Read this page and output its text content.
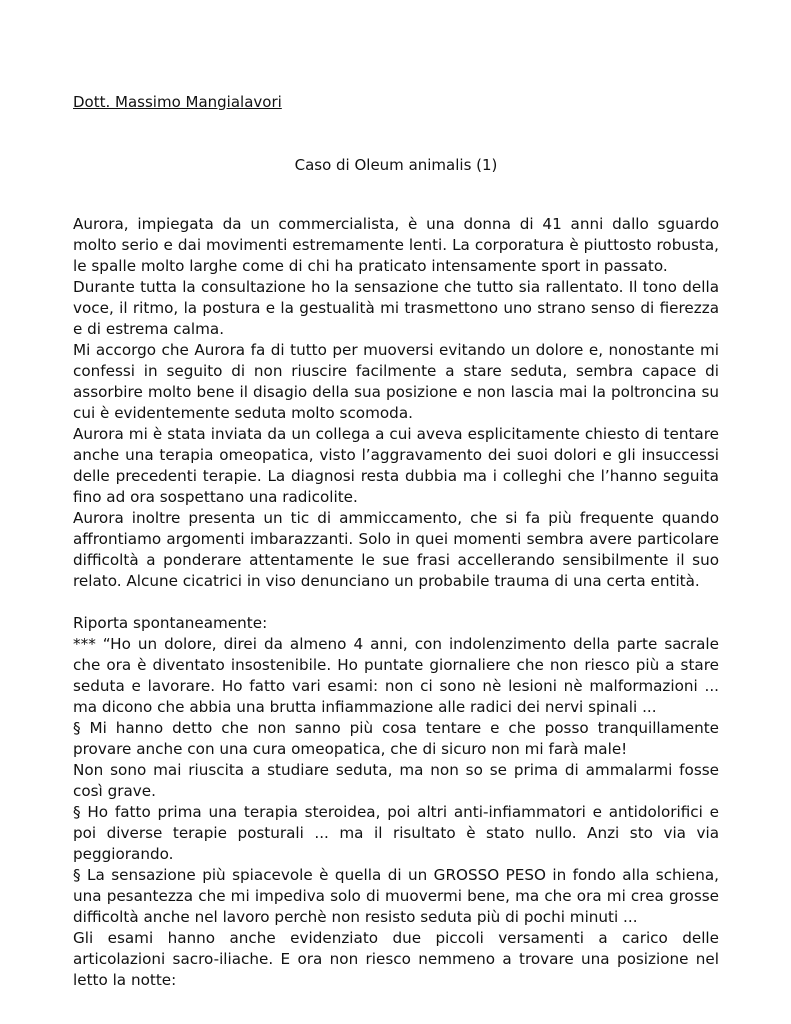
Dott. Massimo Mangialavori

Caso di Oleum animalis (1)

Aurora, impiegata da un commercialista, è una donna di 41 anni dallo sguardo molto serio e dai movimenti estremamente lenti. La corporatura è piuttosto robusta, le spalle molto larghe come di chi ha praticato intensamente sport in passato.

Durante tutta la consultazione ho la sensazione che tutto sia rallentato. Il tono della voce, il ritmo, la postura e la gestualità mi trasmettono uno strano senso di fierezza e di estrema calma.

Mi accorgo che Aurora fa di tutto per muoversi evitando un dolore e, nonostante mi confessi in seguito di non riuscire facilmente a stare seduta, sembra capace di assorbire molto bene il disagio della sua posizione e non lascia mai la poltroncina su cui è evidentemente seduta molto scomoda.

Aurora mi è stata inviata da un collega a cui aveva esplicitamente chiesto di tentare anche una terapia omeopatica, visto l’aggravamento dei suoi dolori e gli insuccessi delle precedenti terapie. La diagnosi resta dubbia ma i colleghi che l’hanno seguita fino ad ora sospettano una radicolite.

Aurora inoltre presenta un tic di ammiccamento, che si fa più frequente quando affrontiamo argomenti imbarazzanti. Solo in quei momenti sembra avere particolare difficoltà a ponderare attentamente le sue frasi accellerando sensibilmente il suo relato. Alcune cicatrici in viso denunciano un probabile trauma di una certa entità.

Riporta spontaneamente:

*** “Ho un dolore, direi da almeno 4 anni, con indolenzimento della parte sacrale che ora è diventato insostenibile. Ho puntate giornaliere che non riesco più a stare seduta e lavorare. Ho fatto vari esami: non ci sono nè lesioni nè malformazioni ... ma dicono che abbia una brutta infiammazione alle radici dei nervi spinali ...

§ Mi hanno detto che non sanno più cosa tentare e che posso tranquillamente provare anche con una cura omeopatica, che di sicuro non mi farà male!

Non sono mai riuscita a studiare seduta, ma non so se prima di ammalarmi fosse così grave.

§ Ho fatto prima una terapia steroidea, poi altri anti-infiammatori e antidolorifici e poi diverse terapie posturali ... ma il risultato è stato nullo. Anzi sto via via peggiorando.

§ La sensazione più spiacevole è quella di un GROSSO PESO in fondo alla schiena, una pesantezza che mi impediva solo di muovermi bene, ma che ora mi crea grosse difficoltà anche nel lavoro perchè non resisto seduta più di pochi minuti ...

Gli esami hanno anche evidenziato due piccoli versamenti a carico delle articolazioni sacro-iliache. E ora non riesco nemmeno a trovare una posizione nel letto la notte:
